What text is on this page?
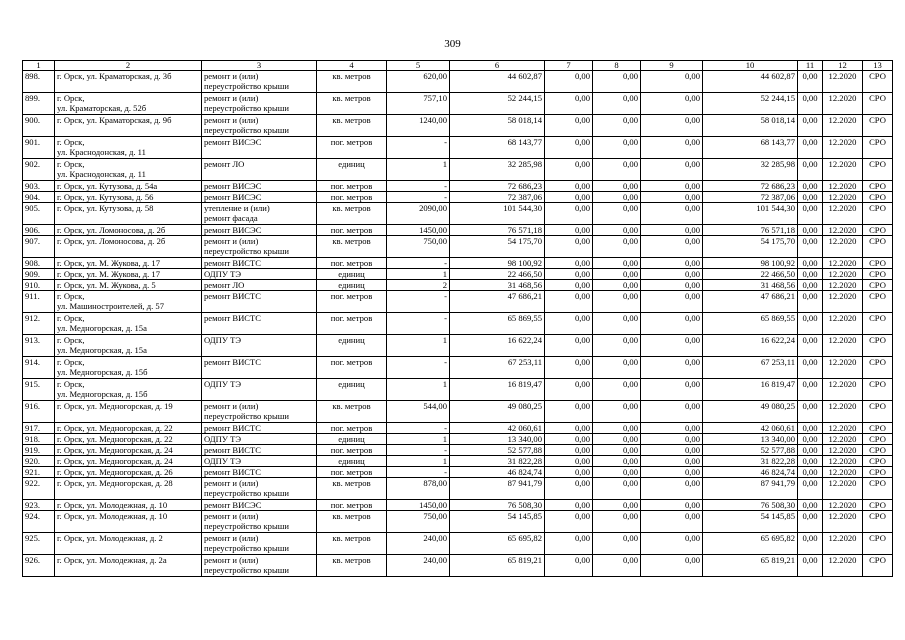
309
1	2	3	4	5	6	7	8	9	10	11	12	13	
898.	г. Орск, ул. Краматорская, д. 3б	ремонт и (или)
переустройство крыши	кв. метров	620,00	44 602,87	0,00	0,00	0,00	44 602,87	0,00	12.2020	СРО	
899.	г. Орск,
ул. Краматорская, д. 52б	ремонт и (или)
переустройство крыши	кв. метров	757,10	52 244,15	0,00	0,00	0,00	52 244,15	0,00	12.2020	СРО	
900.	г. Орск, ул. Краматорская, д. 9б	ремонт и (или)
переустройство крыши	кв. метров	1240,00	58 018,14	0,00	0,00	0,00	58 018,14	0,00	12.2020	СРО	
901.	г. Орск,
ул. Краснодонская, д. 11	ремонт ВИСЭС	пог. метров	-	68 143,77	0,00	0,00	0,00	68 143,77	0,00	12.2020	СРО	
902.	г. Орск,
ул. Краснодонская, д. 11	ремонт ЛО	единиц	1	32 285,98	0,00	0,00	0,00	32 285,98	0,00	12.2020	СРО	
903.	г. Орск, ул. Кутузова, д. 54а	ремонт ВИСЭС	пог. метров	-	72 686,23	0,00	0,00	0,00	72 686,23	0,00	12.2020	СРО	
904.	г. Орск, ул. Кутузова, д. 56	ремонт ВИСЭС	пог. метров	-	72 387,06	0,00	0,00	0,00	72 387,06	0,00	12.2020	СРО	
905.	г. Орск, ул. Кутузова, д. 58	утепление и (или)
ремонт фасада	кв. метров	2090,00	101 544,30	0,00	0,00	0,00	101 544,30	0,00	12.2020	СРО	
906.	г. Орск, ул. Ломоносова, д. 2б	ремонт ВИСЭС	пог. метров	1450,00	76 571,18	0,00	0,00	0,00	76 571,18	0,00	12.2020	СРО	
907.	г. Орск, ул. Ломоносова, д. 2б	ремонт и (или)
переустройство крыши	кв. метров	750,00	54 175,70	0,00	0,00	0,00	54 175,70	0,00	12.2020	СРО	
908.	г. Орск, ул. М. Жукова, д. 17	ремонт ВИСТС	пог. метров	-	98 100,92	0,00	0,00	0,00	98 100,92	0,00	12.2020	СРО	
909.	г. Орск, ул. М. Жукова, д. 17	ОДПУ ТЭ	единиц	1	22 466,50	0,00	0,00	0,00	22 466,50	0,00	12.2020	СРО	
910.	г. Орск, ул. М. Жукова, д. 5	ремонт ЛО	единиц	2	31 468,56	0,00	0,00	0,00	31 468,56	0,00	12.2020	СРО	
911.	г. Орск,
ул. Машиностроителей, д. 57	ремонт ВИСТС	пог. метров	-	47 686,21	0,00	0,00	0,00	47 686,21	0,00	12.2020	СРО	
912.	г. Орск,
ул. Медногорская, д. 15а	ремонт ВИСТС	пог. метров	-	65 869,55	0,00	0,00	0,00	65 869,55	0,00	12.2020	СРО	
913.	г. Орск,
ул. Медногорская, д. 15а	ОДПУ ТЭ	единиц	1	16 622,24	0,00	0,00	0,00	16 622,24	0,00	12.2020	СРО	
914.	г. Орск,
ул. Медногорская, д. 15б	ремонт ВИСТС	пог. метров	-	67 253,11	0,00	0,00	0,00	67 253,11	0,00	12.2020	СРО	
915.	г. Орск,
ул. Медногорская, д. 15б	ОДПУ ТЭ	единиц	1	16 819,47	0,00	0,00	0,00	16 819,47	0,00	12.2020	СРО	
916.	г. Орск, ул. Медногорская, д. 19	ремонт и (или)
переустройство крыши	кв. метров	544,00	49 080,25	0,00	0,00	0,00	49 080,25	0,00	12.2020	СРО	
917.	г. Орск, ул. Медногорская, д. 22	ремонт ВИСТС	пог. метров	-	42 060,61	0,00	0,00	0,00	42 060,61	0,00	12.2020	СРО	
918.	г. Орск, ул. Медногорская, д. 22	ОДПУ ТЭ	единиц	1	13 340,00	0,00	0,00	0,00	13 340,00	0,00	12.2020	СРО	
919.	г. Орск, ул. Медногорская, д. 24	ремонт ВИСТС	пог. метров	-	52 577,88	0,00	0,00	0,00	52 577,88	0,00	12.2020	СРО	
920.	г. Орск, ул. Медногорская, д. 24	ОДПУ ТЭ	единиц	1	31 822,28	0,00	0,00	0,00	31 822,28	0,00	12.2020	СРО	
921.	г. Орск, ул. Медногорская, д. 26	ремонт ВИСТС	пог. метров	-	46 824,74	0,00	0,00	0,00	46 824,74	0,00	12.2020	СРО	
922.	г. Орск, ул. Медногорская, д. 28	ремонт и (или)
переустройство крыши	кв. метров	878,00	87 941,79	0,00	0,00	0,00	87 941,79	0,00	12.2020	СРО	
923.	г. Орск, ул. Молодежная, д. 10	ремонт ВИСЭС	пог. метров	1450,00	76 508,30	0,00	0,00	0,00	76 508,30	0,00	12.2020	СРО	
924.	г. Орск, ул. Молодежная, д. 10	ремонт и (или)
переустройство крыши	кв. метров	750,00	54 145,85	0,00	0,00	0,00	54 145,85	0,00	12.2020	СРО	
925.	г. Орск, ул. Молодежная, д. 2	ремонт и (или)
переустройство крыши	кв. метров	240,00	65 695,82	0,00	0,00	0,00	65 695,82	0,00	12.2020	СРО	
926.	г. Орск, ул. Молодежная, д. 2а	ремонт и (или)
переустройство крыши	кв. метров	240,00	65 819,21	0,00	0,00	0,00	65 819,21	0,00	12.2020	СРО	
